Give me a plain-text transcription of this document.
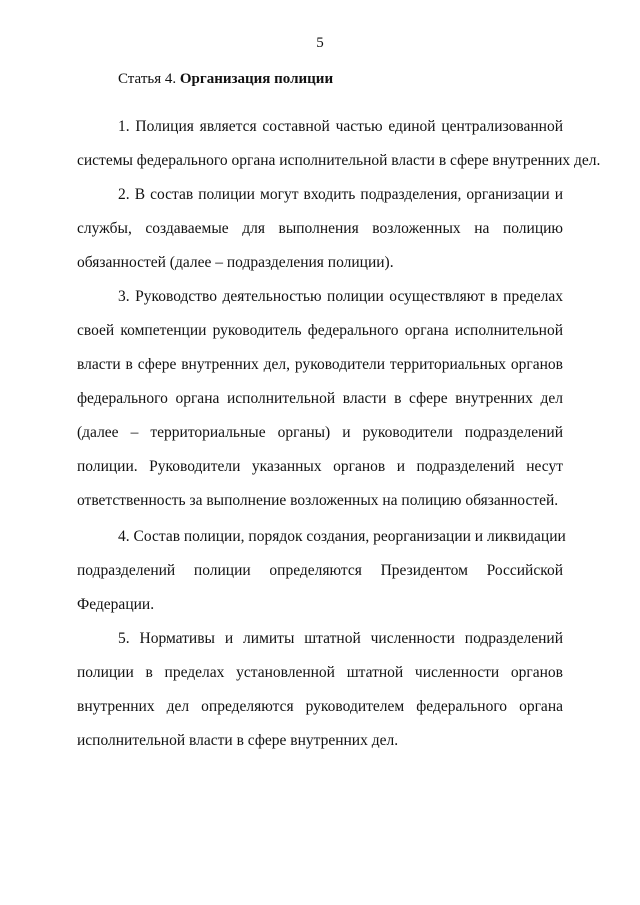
5
Статья 4. Организация полиции

1. Полиция является составной частью единой централизованной
системы федерального органа исполнительной власти в сфере внутренних дел.

2. В состав полиции могут входить подразделения, организации и
службы, создаваемые для выполнения возложенных на полицию
обязанностей (далее – подразделения полиции).

3. Руководство деятельностью полиции осуществляют в пределах
своей компетенции руководитель федерального органа исполнительной
власти в сфере внутренних дел, руководители территориальных органов
федерального органа исполнительной власти в сфере внутренних дел
(далее – территориальные органы) и руководители подразделений
полиции. Руководители указанных органов и подразделений несут
ответственность за выполнение возложенных на полицию обязанностей.

4. Состав полиции, порядок создания, реорганизации и ликвидации
подразделений полиции определяются Президентом Российской
Федерации.

5. Нормативы и лимиты штатной численности подразделений
полиции в пределах установленной штатной численности органов
внутренних дел определяются руководителем федерального органа
исполнительной власти в сфере внутренних дел.
